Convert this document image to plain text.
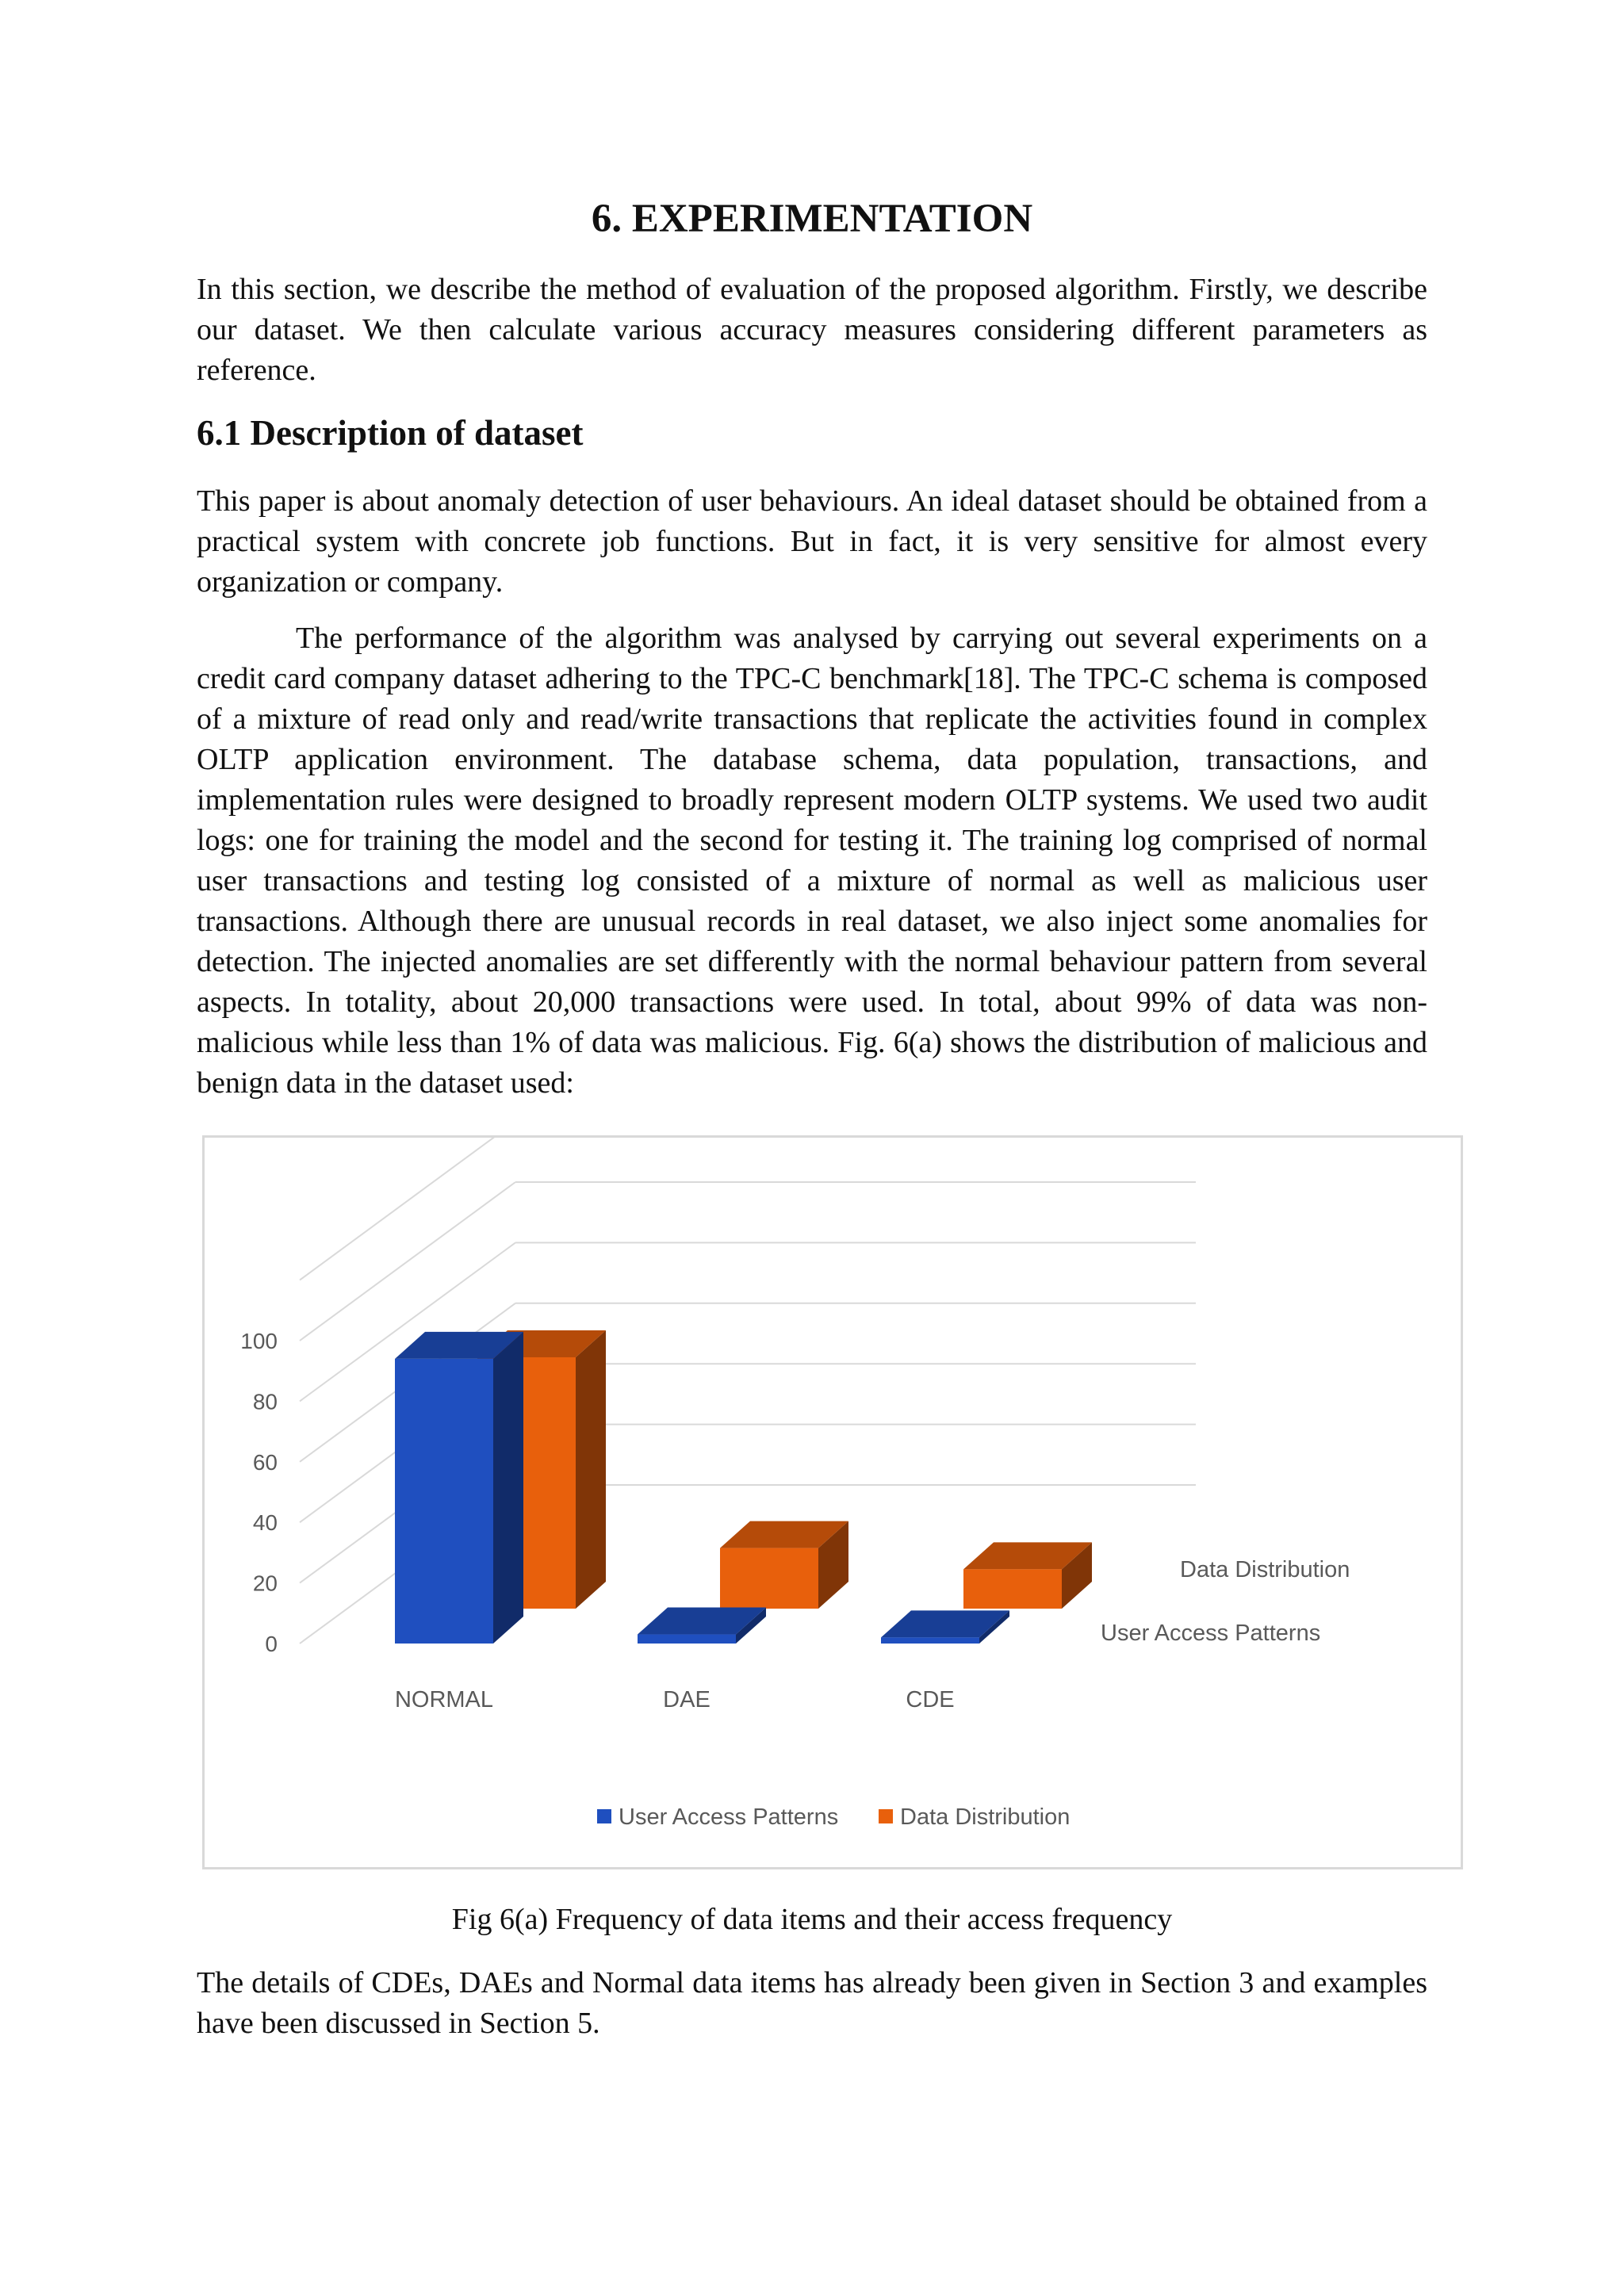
6. EXPERIMENTATION

In this section, we describe the method of evaluation of the proposed algorithm. Firstly, we describe our dataset. We then calculate various accuracy measures considering different parameters as reference.

6.1 Description of dataset

This paper is about anomaly detection of user behaviours. An ideal dataset should be obtained from a practical system with concrete job functions. But in fact, it is very sensitive for almost every organization or company.

The performance of the algorithm was analysed by carrying out several experiments on a credit card company dataset adhering to the TPC-C benchmark[18]. The TPC-C schema is composed of a mixture of read only and read/write transactions that replicate the activities found in complex OLTP application environment. The database schema, data population, transactions, and implementation rules were designed to broadly represent modern OLTP systems. We used two audit logs: one for training the model and the second for testing it. The training log comprised of normal user transactions and testing log consisted of a mixture of normal as well as malicious user transactions. Although there are unusual records in real dataset, we also inject some anomalies for detection. The injected anomalies are set differently with the normal behaviour pattern from several aspects. In totality, about 20,000 transactions were used. In total, about 99% of data was non-malicious while less than 1% of data was malicious. Fig. 6(a) shows the distribution of malicious and benign data in the dataset used:

0
20
40
60
80
100
NORMAL	DAE	CDE
Data Distribution
User Access Patterns
User Access Patterns	Data Distribution

Fig 6(a) Frequency of data items and their access frequency

The details of CDEs, DAEs and Normal data items has already been given in Section 3 and examples have been discussed in Section 5.
